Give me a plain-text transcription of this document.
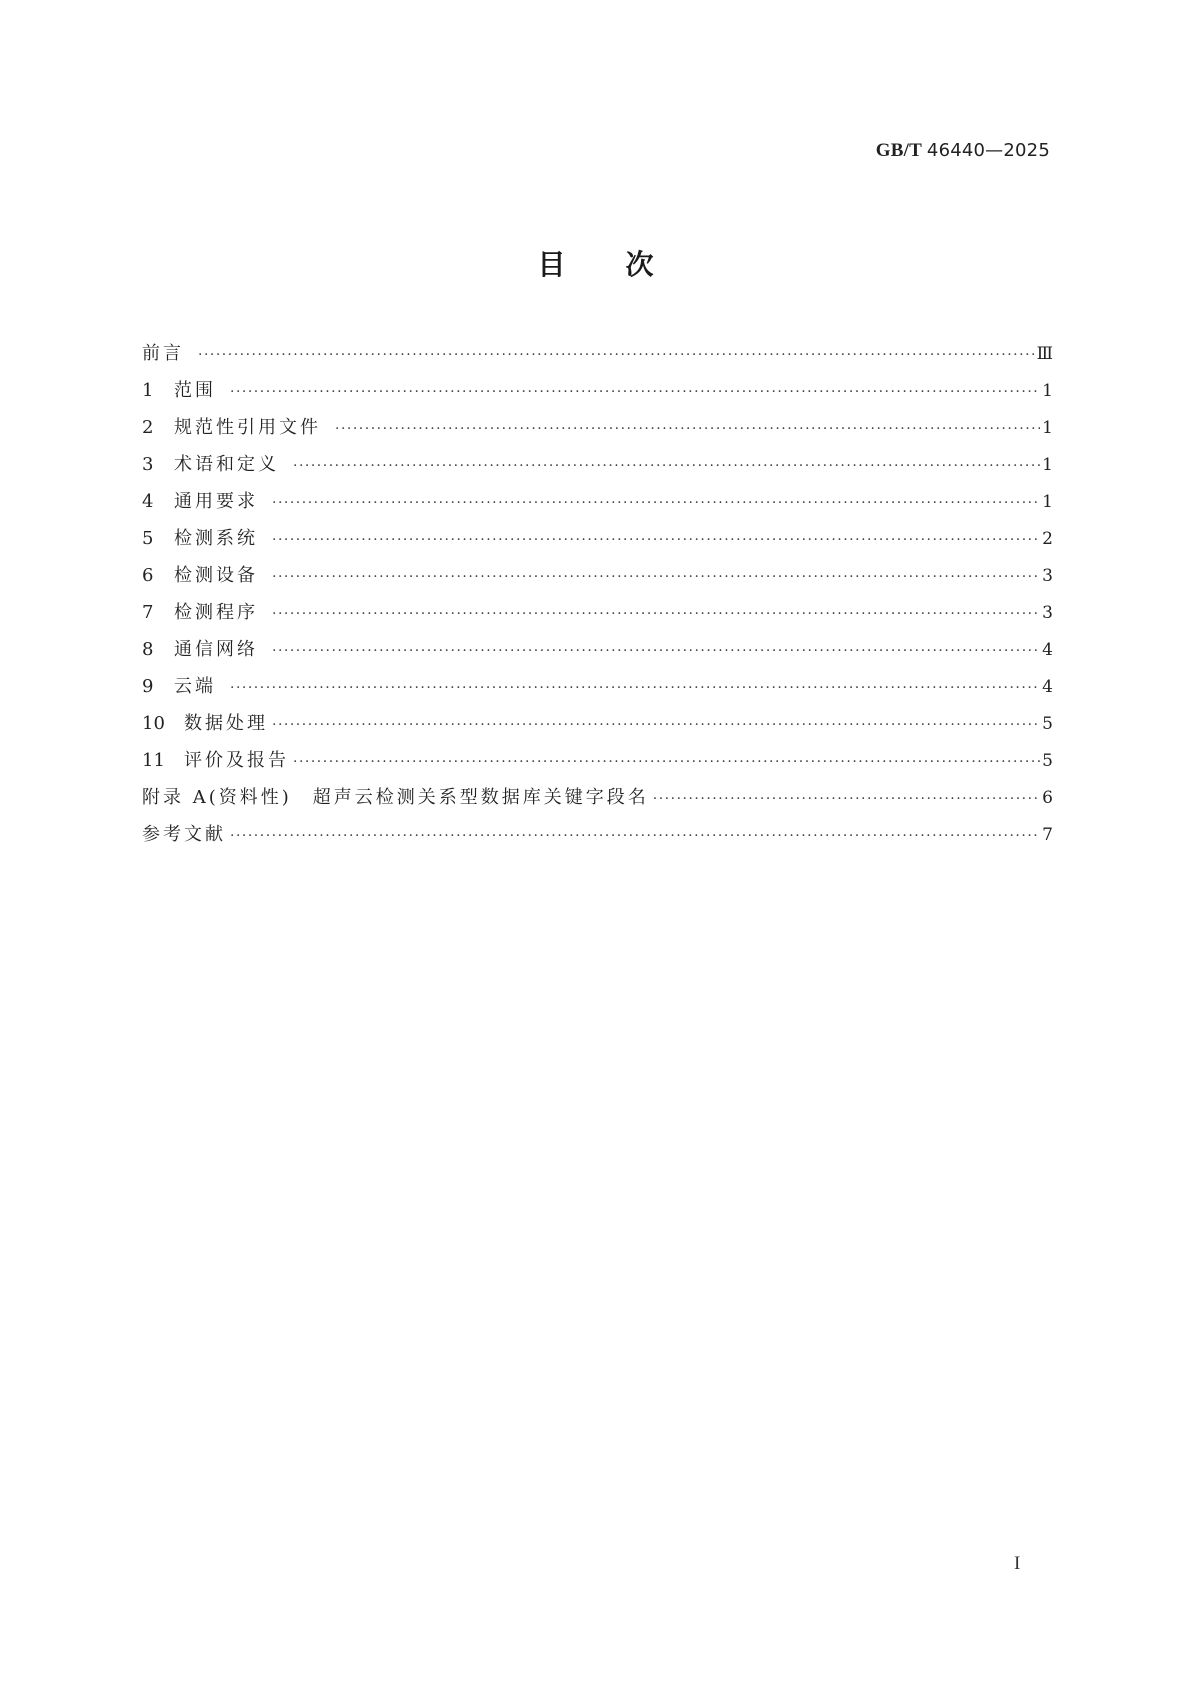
GB/T 46440—2025
目次
前言 ·····	Ⅲ
1	范围 ·····	1
2	规范性引用文件 ·····	1
3	术语和定义 ·····	1
4	通用要求 ·····	1
5	检测系统 ·····	2
6	检测设备 ·····	3
7	检测程序 ·····	3
8	通信网络 ·····	4
9	云端 ·····	4
10	数据处理 ·····	5
11	评价及报告 ·····	5
附录 A(资料性)　超声云检测关系型数据库关键字段名 ·····	6
参考文献 ·····	7
I
